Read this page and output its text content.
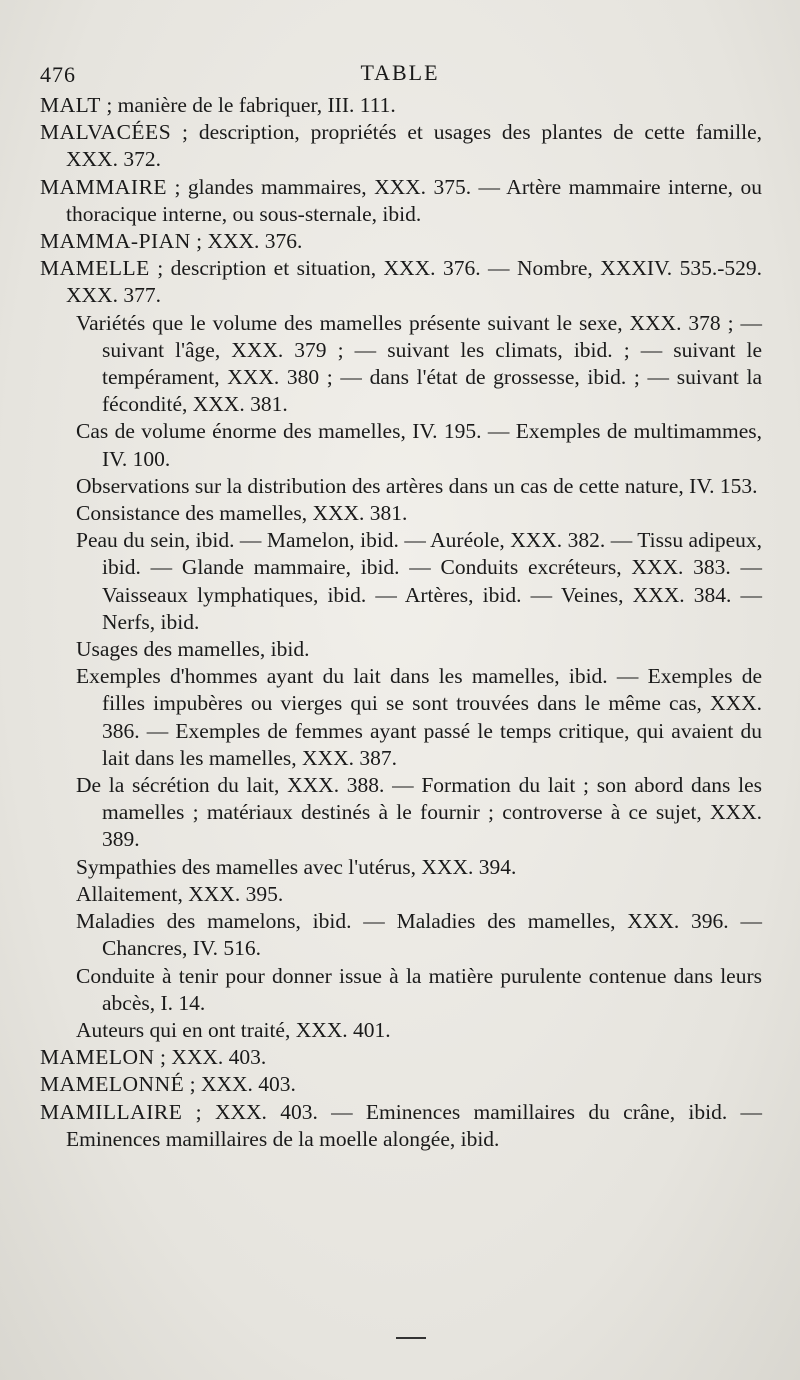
476	TABLE

MALT ; manière de le fabriquer, III. 111.

MALVACÉES ; description, propriétés et usages des plantes de cette famille, XXX. 372.

MAMMAIRE ; glandes mammaires, XXX. 375. — Artère mammaire interne, ou thoracique interne, ou sous-sternale, ibid.

MAMMA-PIAN ; XXX. 376.

MAMELLE ; description et situation, XXX. 376. — Nombre, XXXIV. 535.-529. XXX. 377.

Variétés que le volume des mamelles présente suivant le sexe, XXX. 378 ; — suivant l'âge, XXX. 379 ; — suivant les climats, ibid. ; — suivant le tempérament, XXX. 380 ; — dans l'état de grossesse, ibid. ; — suivant la fécondité, XXX. 381.

Cas de volume énorme des mamelles, IV. 195. — Exemples de multimammes, IV. 100.

Observations sur la distribution des artères dans un cas de cette nature, IV. 153.

Consistance des mamelles, XXX. 381.

Peau du sein, ibid. — Mamelon, ibid. — Auréole, XXX. 382. — Tissu adipeux, ibid. — Glande mammaire, ibid. — Conduits excréteurs, XXX. 383. — Vaisseaux lymphatiques, ibid. — Artères, ibid. — Veines, XXX. 384. — Nerfs, ibid.

Usages des mamelles, ibid.

Exemples d'hommes ayant du lait dans les mamelles, ibid. — Exemples de filles impubères ou vierges qui se sont trouvées dans le même cas, XXX. 386. — Exemples de femmes ayant passé le temps critique, qui avaient du lait dans les mamelles, XXX. 387.

De la sécrétion du lait, XXX. 388. — Formation du lait ; son abord dans les mamelles ; matériaux destinés à le fournir ; controverse à ce sujet, XXX. 389.

Sympathies des mamelles avec l'utérus, XXX. 394.

Allaitement, XXX. 395.

Maladies des mamelons, ibid. — Maladies des mamelles, XXX. 396. — Chancres, IV. 516.

Conduite à tenir pour donner issue à la matière purulente contenue dans leurs abcès, I. 14.

Auteurs qui en ont traité, XXX. 401.

MAMELON ; XXX. 403.

MAMELONNÉ ; XXX. 403.

MAMILLAIRE ; XXX. 403. — Eminences mamillaires du crâne, ibid. — Eminences mamillaires de la moelle alongée, ibid.
